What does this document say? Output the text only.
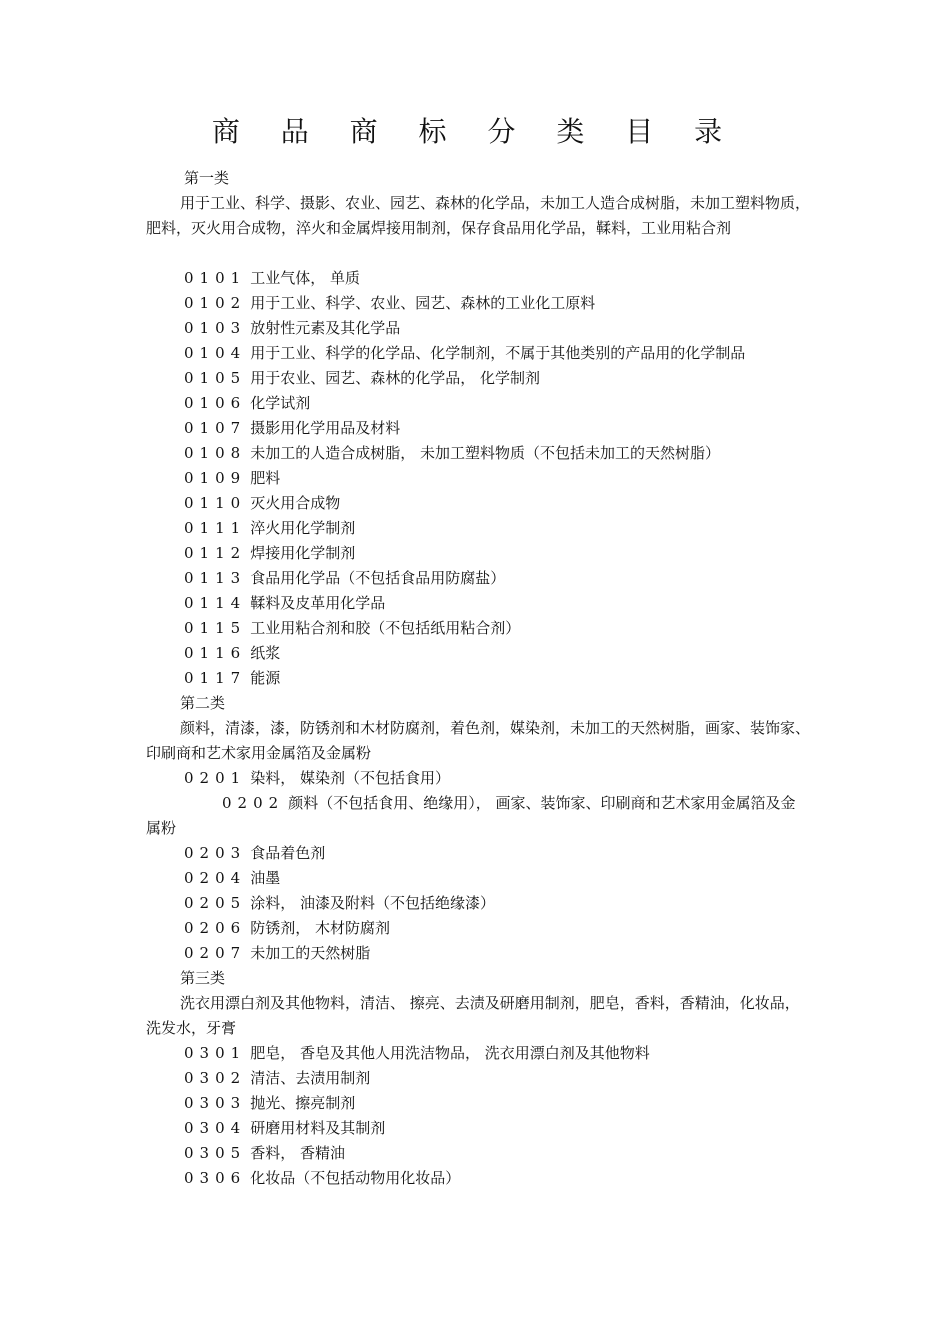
商 品 商 标 分 类 目 录
第一类
用于工业、科学、摄影、农业、园艺、森林的化学品，未加工人造合成树脂，未加工塑料物质，肥料，灭火用合成物，淬火和金属焊接用制剂，保存食品用化学品，鞣料，工业用粘合剂
0101 工业气体， 单质
0102 用于工业、科学、农业、园艺、森林的工业化工原料
0103 放射性元素及其化学品
0104 用于工业、科学的化学品、化学制剂，不属于其他类别的产品用的化学制品
0105 用于农业、园艺、森林的化学品， 化学制剂
0106 化学试剂
0107 摄影用化学用品及材料
0108 未加工的人造合成树脂， 未加工塑料物质（不包括未加工的天然树脂）
0109 肥料
0110 灭火用合成物
0111 淬火用化学制剂
0112 焊接用化学制剂
0113 食品用化学品（不包括食品用防腐盐）
0114 鞣料及皮革用化学品
0115 工业用粘合剂和胶（不包括纸用粘合剂）
0116 纸浆
0117 能源
第二类
颜料，清漆，漆，防锈剂和木材防腐剂，着色剂，媒染剂，未加工的天然树脂，画家、装饰家、印刷商和艺术家用金属箔及金属粉
0201 染料， 媒染剂（不包括食用）
0202 颜料（不包括食用、绝缘用）， 画家、装饰家、印刷商和艺术家用金属箔及金属粉
0203 食品着色剂
0204 油墨
0205 涂料， 油漆及附料（不包括绝缘漆）
0206 防锈剂， 木材防腐剂
0207 未加工的天然树脂
第三类
洗衣用漂白剂及其他物料，清洁、 擦亮、去渍及研磨用制剂，肥皂，香料，香精油，化妆品，洗发水，牙膏
0301 肥皂， 香皂及其他人用洗洁物品， 洗衣用漂白剂及其他物料
0302 清洁、去渍用制剂
0303 抛光、擦亮制剂
0304 研磨用材料及其制剂
0305 香料， 香精油
0306 化妆品（不包括动物用化妆品）
